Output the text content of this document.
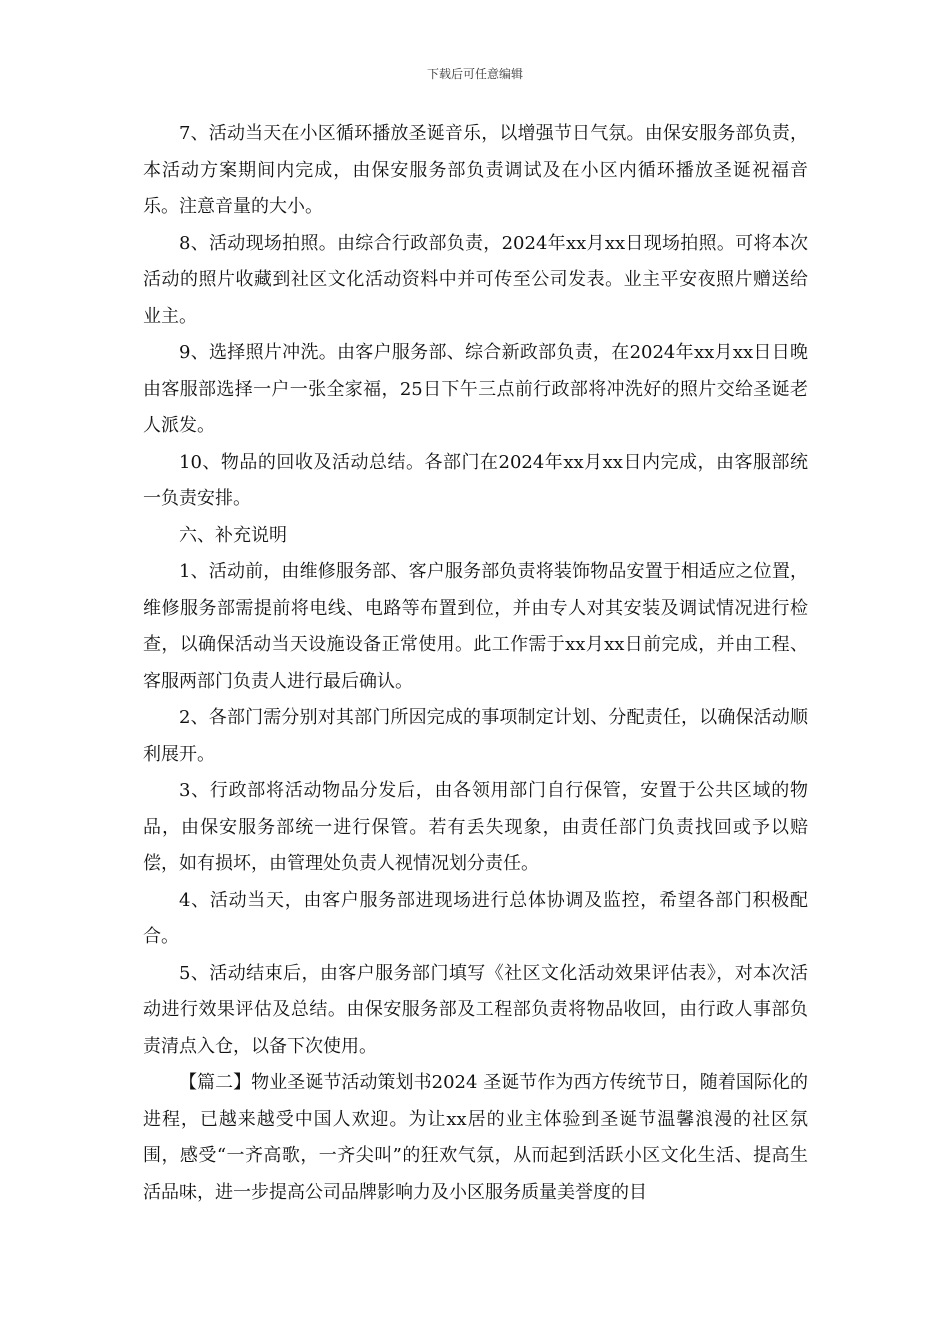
下载后可任意编辑

7、活动当天在小区循环播放圣诞音乐，以增强节日气氛。由保安服务部负责，本活动方案期间内完成，由保安服务部负责调试及在小区内循环播放圣诞祝福音乐。注意音量的大小。

8、活动现场拍照。由综合行政部负责，2024年xx月xx日现场拍照。可将本次活动的照片收藏到社区文化活动资料中并可传至公司发表。业主平安夜照片赠送给业主。

9、选择照片冲洗。由客户服务部、综合新政部负责，在2024年xx月xx日日晚由客服部选择一户一张全家福，25日下午三点前行政部将冲洗好的照片交给圣诞老人派发。

10、物品的回收及活动总结。各部门在2024年xx月xx日内完成，由客服部统一负责安排。

六、补充说明

1、活动前，由维修服务部、客户服务部负责将装饰物品安置于相适应之位置，维修服务部需提前将电线、电路等布置到位，并由专人对其安装及调试情况进行检查，以确保活动当天设施设备正常使用。此工作需于xx月xx日前完成，并由工程、客服两部门负责人进行最后确认。

2、各部门需分别对其部门所因完成的事项制定计划、分配责任，以确保活动顺利展开。

3、行政部将活动物品分发后，由各领用部门自行保管，安置于公共区域的物品，由保安服务部统一进行保管。若有丢失现象，由责任部门负责找回或予以赔偿，如有损坏，由管理处负责人视情况划分责任。

4、活动当天，由客户服务部进现场进行总体协调及监控，希望各部门积极配合。

5、活动结束后，由客户服务部门填写《社区文化活动效果评估表》，对本次活动进行效果评估及总结。由保安服务部及工程部负责将物品收回，由行政人事部负责清点入仓，以备下次使用。

【篇二】物业圣诞节活动策划书2024 圣诞节作为西方传统节日，随着国际化的进程，已越来越受中国人欢迎。为让xx居的业主体验到圣诞节温馨浪漫的社区氛围，感受“一齐高歌，一齐尖叫”的狂欢气氛，从而起到活跃小区文化生活、提高生活品味，进一步提高公司品牌影响力及小区服务质量美誉度的目
